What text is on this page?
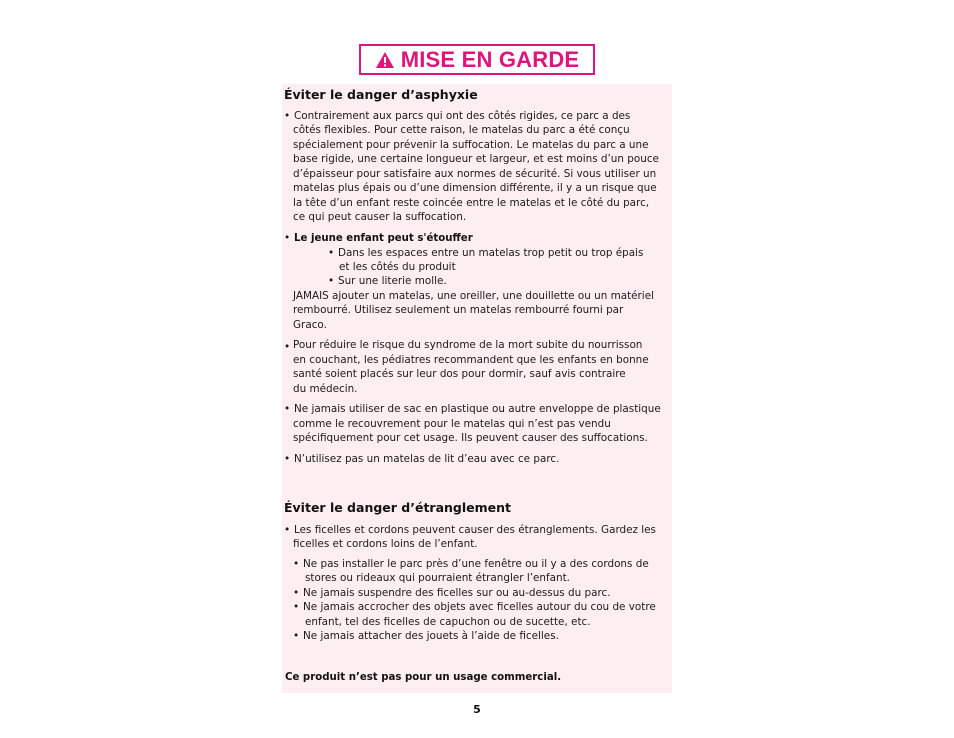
MISE EN GARDE
Éviter le danger d’asphyxie
• Contrairement aux parcs qui ont des côtés rigides, ce parc a des

côtés flexibles. Pour cette raison, le matelas du parc a été conçu

spécialement pour prévenir la suffocation. Le matelas du parc a une

base rigide, une certaine longueur et largeur, et est moins d’un pouce

d’épaisseur pour satisfaire aux normes de sécurité. Si vous utiliser un

matelas plus épais ou d’une dimension différente, il y a un risque que

la tête d’un enfant reste coincée entre le matelas et le côté du parc,

ce qui peut causer la suffocation.

• Le jeune enfant peut s'étouffer

• Dans les espaces entre un matelas trop petit ou trop épais

et les côtés du produit

• Sur une literie molle.

JAMAIS ajouter un matelas, une oreiller, une douillette ou un matériel

rembourré. Utilisez seulement un matelas rembourré fourni par

Graco.

• Pour réduire le risque du syndrome de la mort subite du nourrisson

en couchant, les pédiatres recommandent que les enfants en bonne

santé soient placés sur leur dos pour dormir, sauf avis contraire

du médecin.

• Ne jamais utiliser de sac en plastique ou autre enveloppe de plastique

comme le recouvrement pour le matelas qui n’est pas vendu

spécifiquement pour cet usage. Ils peuvent causer des suffocations.

• N’utilisez pas un matelas de lit d’eau avec ce parc.

Éviter le danger d’étranglement
• Les ficelles et cordons peuvent causer des étranglements. Gardez les

ficelles et cordons loins de l’enfant.

• Ne pas installer le parc près d’une fenêtre ou il y a des cordons de

stores ou rideaux qui pourraient étrangler l’enfant.

• Ne jamais suspendre des ficelles sur ou au-dessus du parc.

• Ne jamais accrocher des objets avec ficelles autour du cou de votre

enfant, tel des ficelles de capuchon ou de sucette, etc.

• Ne jamais attacher des jouets à l’aide de ficelles.

Ce produit n’est pas pour un usage commercial.

5
